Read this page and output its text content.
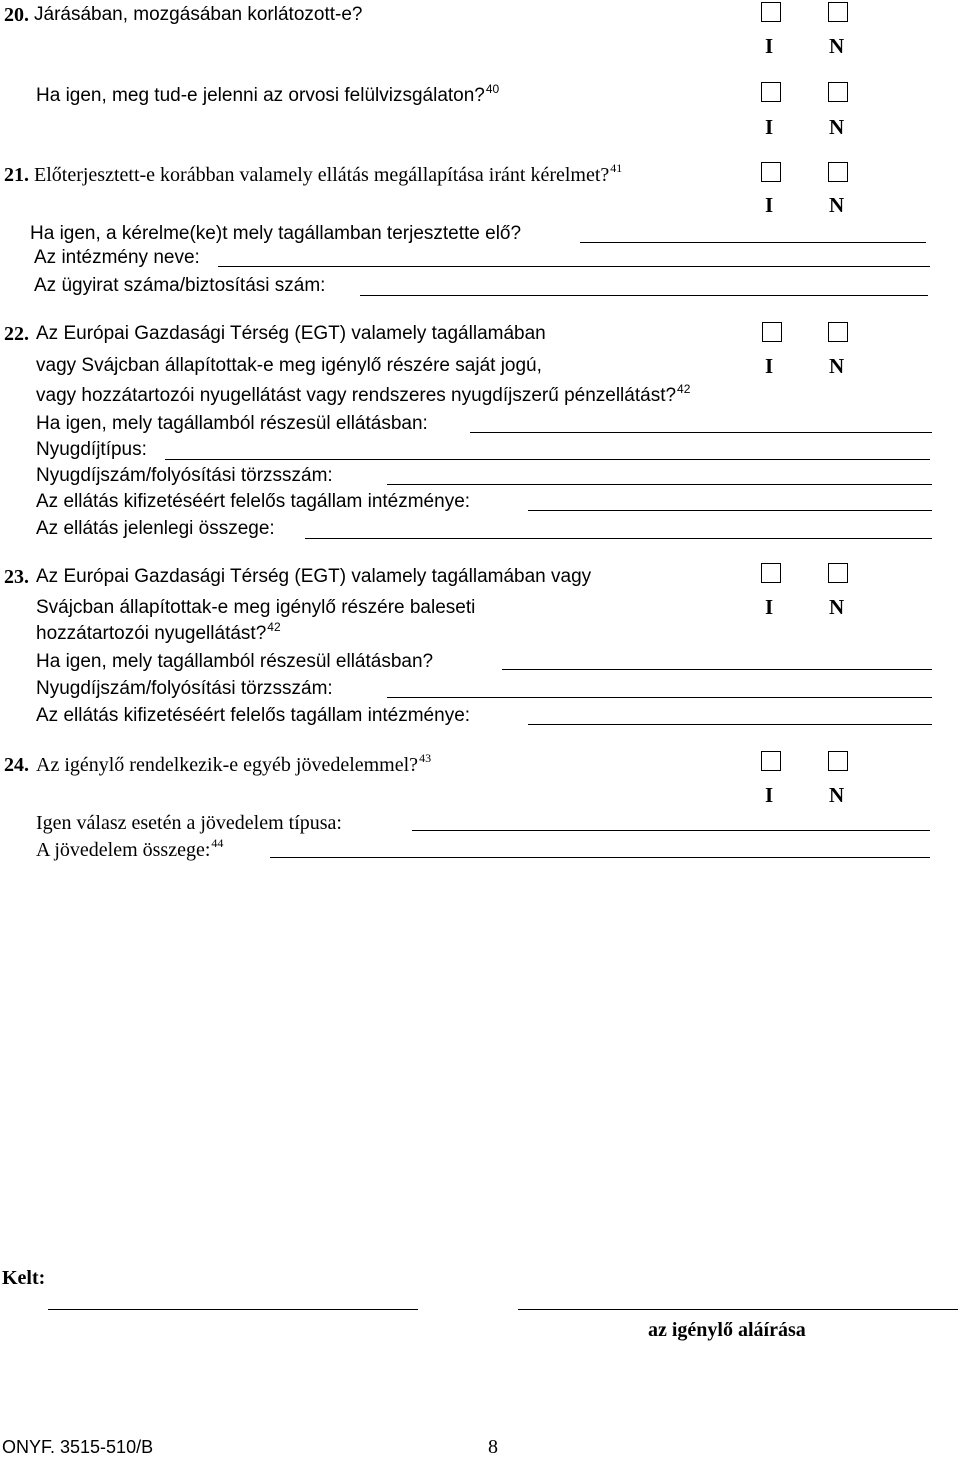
20. Járásában, mozgásában korlátozott-e?
I	N
Ha igen, meg tud-e jelenni az orvosi felülvizsgálaton?$^{40}$
I	N
21. Előterjesztett-e korábban valamely ellátás megállapítása iránt kérelmet?$^{41}$
I	N
Ha igen, a kérelme(ke)t mely tagállamban terjesztette elő?
Az intézmény neve:
Az ügyirat száma/biztosítási szám:
22. Az Európai Gazdasági Térség (EGT) valamely tagállamában
vagy Svájcban állapítottak-e meg igénylő részére saját jogú,	I	N
vagy hozzátartozói nyugellátást vagy rendszeres nyugdíjszerű pénzellátást?$^{42}$
Ha igen, mely tagállamból részesül ellátásban:
Nyugdíjtípus:
Nyugdíjszám/folyósítási törzsszám:
Az ellátás kifizetéséért felelős tagállam intézménye:
Az ellátás jelenlegi összege:
23. Az Európai Gazdasági Térség (EGT) valamely tagállamában vagy
Svájcban állapítottak-e meg igénylő részére baleseti	I	N
hozzátartozói nyugellátást?$^{42}$
Ha igen, mely tagállamból részesül ellátásban?
Nyugdíjszám/folyósítási törzsszám:
Az ellátás kifizetéséért felelős tagállam intézménye:
24. Az igénylő rendelkezik-e egyéb jövedelemmel?$^{43}$
I	N
Igen válasz esetén a jövedelem típusa:
A jövedelem összege:$^{44}$
Kelt:
az igénylő aláírása
ONYF. 3515-510/B	8
